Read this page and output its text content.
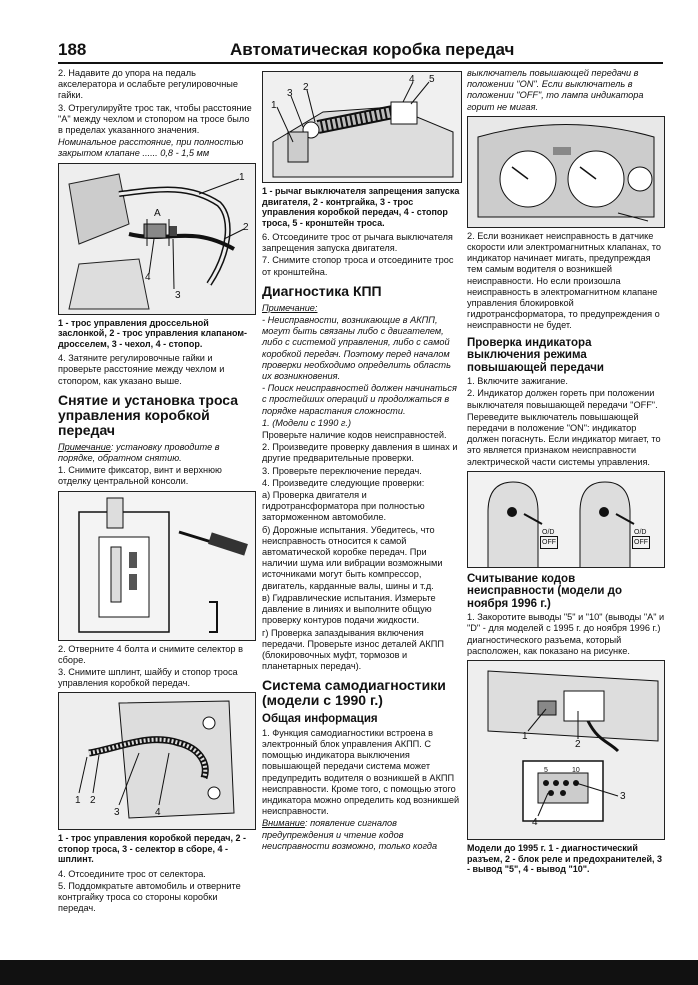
188	Автоматическая коробка передач

2. Надавите до упора на педаль акселератора и ослабьте регулировочные гайки.

3. Отрегулируйте трос так, чтобы расстояние "А" между чехлом и стопором на тросе было в пределах указанного значения.

Номинальное расстояние, при полностью закрытом клапане ...... 0,8 - 1,5 мм

1
2
4
3
A

1 - трос управления дроссельной заслонкой, 2 - трос управления клапаном-дросселем, 3 - чехол, 4 - стопор.

4. Затяните регулировочные гайки и проверьте расстояние между чехлом и стопором, как указано выше.

Снятие и установка троса управления коробкой передач

Примечание: установку проводите в порядке, обратном снятию.

1. Снимите фиксатор, винт и верхнюю отделку центральной консоли.

2. Отверните 4 болта и снимите селектор в сборе.

3. Снимите шплинт, шайбу и стопор троса управления коробкой передач.

1 2
3	4

1 - трос управления коробкой передач, 2 - стопор троса, 3 - селектор в сборе, 4 - шплинт.

4. Отсоедините трос от селектора.

5. Поддомкратьте автомобиль и отверните контргайку троса со стороны коробки передач.

4 5
2
3
1

1 - рычаг выключателя запрещения запуска двигателя, 2 - контргайка, 3 - трос управления коробкой передач, 4 - стопор троса, 5 - кронштейн троса.

6. Отсоедините трос от рычага выключателя запрещения запуска двигателя.

7. Снимите стопор троса и отсоедините трос от кронштейна.

Диагностика КПП

Примечание:

- Неисправности, возникающие в АКПП, могут быть связаны либо с двигателем, либо с системой управления, либо с самой коробкой передач. Поэтому перед началом проверки необходимо определить область их возникновения.

- Поиск неисправностей должен начинаться с простейших операций и продолжаться в порядке нарастания сложности.

1. (Модели с 1990 г.)

Проверьте наличие кодов неисправностей.

2. Произведите проверку давления в шинах и другие предварительные проверки.

3. Проверьте переключение передач.

4. Произведите следующие проверки:

а) Проверка двигателя и гидротрансформатора при полностью заторможенном автомобиле.

б) Дорожные испытания. Убедитесь, что неисправность относится к самой автоматической коробке передач. При наличии шума или вибрации возможными источниками могут быть компрессор, двигатель, карданные валы, шины и т.д.

в) Гидравлические испытания. Измерьте давление в линиях и выполните общую проверку контуров подачи жидкости.

г) Проверка запаздывания включения передачи. Проверьте износ деталей АКПП (блокировочных муфт, тормозов и планетарных передач).

Система самодиагностики (модели с 1990 г.)
Общая информация

1. Функция самодиагностики встроена в электронный блок управления АКПП. С помощью индикатора выключения повышающей передачи система может предупредить водителя о возникшей в АКПП неисправности. Кроме того, с помощью этого индикатора можно определить код возникшей неисправности.

Внимание: появление сигналов предупреждения и чтение кодов неисправности возможно, только когда

выключатель повышающей передачи в положении "ON". Если выключатель в положении "OFF", то лампа индикатора горит не мигая.

2. Если возникает неисправность в датчике скорости или электромагнитных клапанах, то индикатор начинает мигать, предупреждая тем самым водителя о возникшей неисправности. Но если произошла неисправность в электромагнитном клапане управления блокировкой гидротрансформатора, то предупреждения о неисправности не будет.

Проверка индикатора выключения режима повышающей передачи

1. Включите зажигание.

2. Индикатор должен гореть при положении выключателя повышающей передачи "OFF".

Переведите выключатель повышающей передачи в положение "ON": индикатор должен погаснуть. Если индикатор мигает, то это является признаком неисправности электрической части системы управления.

O/D
OFF
O/D
OFF
Считывание кодов неисправности (модели до ноября 1996 г.)

1. Закоротите выводы "5" и "10" (выводы "А" и "D" - для моделей с 1995 г. до ноября 1996 г.) диагностического разъема, который расположен, как показано на рисунке.

1
2
3
4
5	10

Модели до 1995 г. 1 - диагностический разъем, 2 - блок реле и предохранителей, 3 - вывод "5", 4 - вывод "10".
